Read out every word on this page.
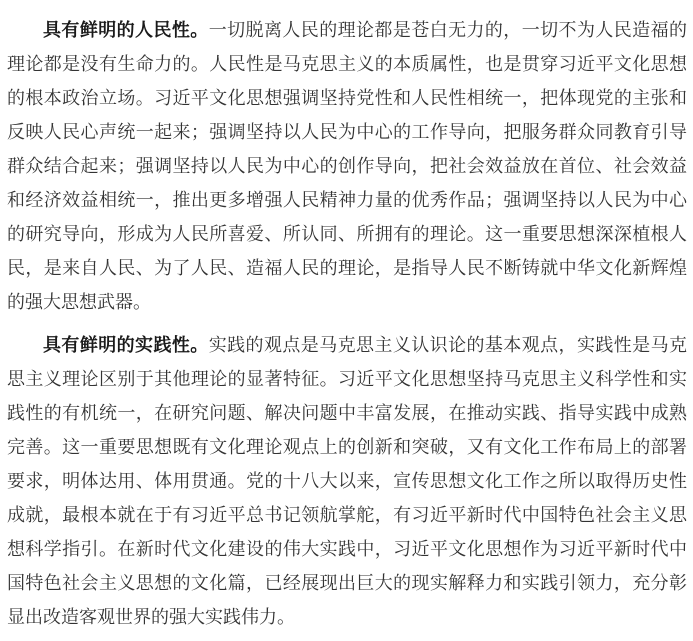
具有鲜明的人民性。一切脱离人民的理论都是苍白无力的，一切不为人民造福的理论都是没有生命力的。人民性是马克思主义的本质属性，也是贯穿习近平文化思想的根本政治立场。习近平文化思想强调坚持党性和人民性相统一，把体现党的主张和反映人民心声统一起来；强调坚持以人民为中心的工作导向，把服务群众同教育引导群众结合起来；强调坚持以人民为中心的创作导向，把社会效益放在首位、社会效益和经济效益相统一，推出更多增强人民精神力量的优秀作品；强调坚持以人民为中心的研究导向，形成为人民所喜爱、所认同、所拥有的理论。这一重要思想深深植根人民，是来自人民、为了人民、造福人民的理论，是指导人民不断铸就中华文化新辉煌的强大思想武器。

具有鲜明的实践性。实践的观点是马克思主义认识论的基本观点，实践性是马克思主义理论区别于其他理论的显著特征。习近平文化思想坚持马克思主义科学性和实践性的有机统一，在研究问题、解决问题中丰富发展，在推动实践、指导实践中成熟完善。这一重要思想既有文化理论观点上的创新和突破，又有文化工作布局上的部署要求，明体达用、体用贯通。党的十八大以来，宣传思想文化工作之所以取得历史性成就，最根本就在于有习近平总书记领航掌舵，有习近平新时代中国特色社会主义思想科学指引。在新时代文化建设的伟大实践中，习近平文化思想作为习近平新时代中国特色社会主义思想的文化篇，已经展现出巨大的现实解释力和实践引领力，充分彰显出改造客观世界的强大实践伟力。
